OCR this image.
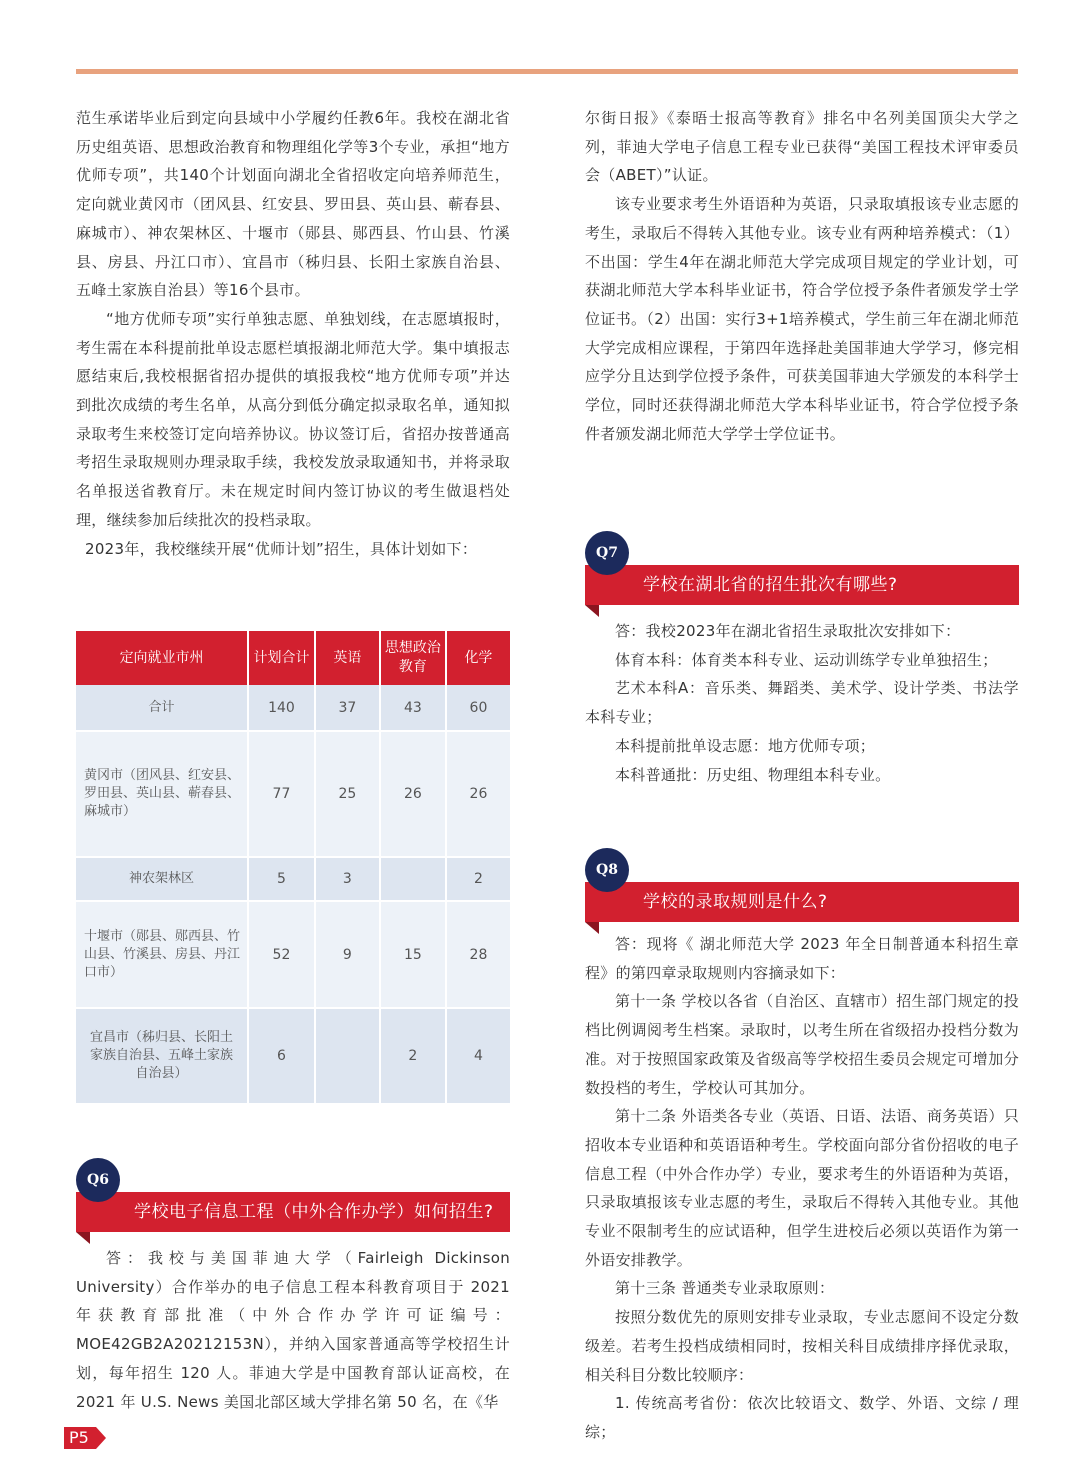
范生承诺毕业后到定向县域中小学履约任教6年。我校在湖北省历史组英语、思想政治教育和物理组化学等3个专业，承担“地方优师专项”，共140个计划面向湖北全省招收定向培养师范生，定向就业黄冈市（团风县、红安县、罗田县、英山县、蕲春县、麻城市）、神农架林区、十堰市（郧县、郧西县、竹山县、竹溪县、房县、丹江口市）、宜昌市（秭归县、长阳土家族自治县、五峰土家族自治县）等16个县市。

“地方优师专项”实行单独志愿、单独划线，在志愿填报时，考生需在本科提前批单设志愿栏填报湖北师范大学。集中填报志愿结束后,我校根据省招办提供的填报我校“地方优师专项”并达到批次成绩的考生名单，从高分到低分确定拟录取名单，通知拟录取考生来校签订定向培养协议。协议签订后，省招办按普通高考招生录取规则办理录取手续，我校发放录取通知书，并将录取名单报送省教育厅。未在规定时间内签订协议的考生做退档处理，继续参加后续批次的投档录取。

2023年，我校继续开展“优师计划”招生，具体计划如下：

定向就业市州	计划合计	英语	思想政治教育	化学
合计	140	37	43	60
黄冈市（团风县、红安县、罗田县、英山县、蕲春县、麻城市）	77	25	26	26
神农架林区	5	3		2
十堰市（郧县、郧西县、竹山县、竹溪县、房县、丹江口市）	52	9	15	28
宜昌市（秭归县、长阳土家族自治县、五峰土家族自治县）	6		2	4
Q6
学校电子信息工程（中外合作办学）如何招生?

答：我校与美国菲迪大学（Fairleigh Dickinson University）合作举办的电子信息工程本科教育项目于 2021 年获教育部批准（中外合作办学许可证编号：MOE42GB2A20212153N），并纳入国家普通高等学校招生计划，每年招生 120 人。菲迪大学是中国教育部认证高校，在 2021 年 U.S. News 美国北部区域大学排名第 50 名，在《华

尔街日报》《泰晤士报高等教育》排名中名列美国顶尖大学之列，菲迪大学电子信息工程专业已获得“美国工程技术评审委员会（ABET）”认证。

该专业要求考生外语语种为英语，只录取填报该专业志愿的考生，录取后不得转入其他专业。该专业有两种培养模式：（1）不出国：学生4年在湖北师范大学完成项目规定的学业计划，可获湖北师范大学本科毕业证书，符合学位授予条件者颁发学士学位证书。（2）出国：实行3+1培养模式，学生前三年在湖北师范大学完成相应课程，于第四年选择赴美国菲迪大学学习，修完相应学分且达到学位授予条件，可获美国菲迪大学颁发的本科学士学位，同时还获得湖北师范大学本科毕业证书，符合学位授予条件者颁发湖北师范大学学士学位证书。

Q7
学校在湖北省的招生批次有哪些?

答：我校2023年在湖北省招生录取批次安排如下：

体育本科：体育类本科专业、运动训练学专业单独招生；

艺术本科A：音乐类、舞蹈类、美术学、设计学类、书法学本科专业；

本科提前批单设志愿：地方优师专项；

本科普通批：历史组、物理组本科专业。

Q8
学校的录取规则是什么?

答：现将《 湖北师范大学 2023 年全日制普通本科招生章程》的第四章录取规则内容摘录如下：

第十一条 学校以各省（自治区、直辖市）招生部门规定的投档比例调阅考生档案。录取时，以考生所在省级招办投档分数为准。对于按照国家政策及省级高等学校招生委员会规定可增加分数投档的考生，学校认可其加分。

第十二条 外语类各专业（英语、日语、法语、商务英语）只招收本专业语种和英语语种考生。学校面向部分省份招收的电子信息工程（中外合作办学）专业，要求考生的外语语种为英语，只录取填报该专业志愿的考生，录取后不得转入其他专业。其他专业不限制考生的应试语种，但学生进校后必须以英语作为第一外语安排教学。

第十三条 普通类专业录取原则：

按照分数优先的原则安排专业录取，专业志愿间不设定分数级差。若考生投档成绩相同时，按相关科目成绩排序择优录取，相关科目分数比较顺序：

1. 传统高考省份：依次比较语文、数学、外语、文综 / 理综；

P5
